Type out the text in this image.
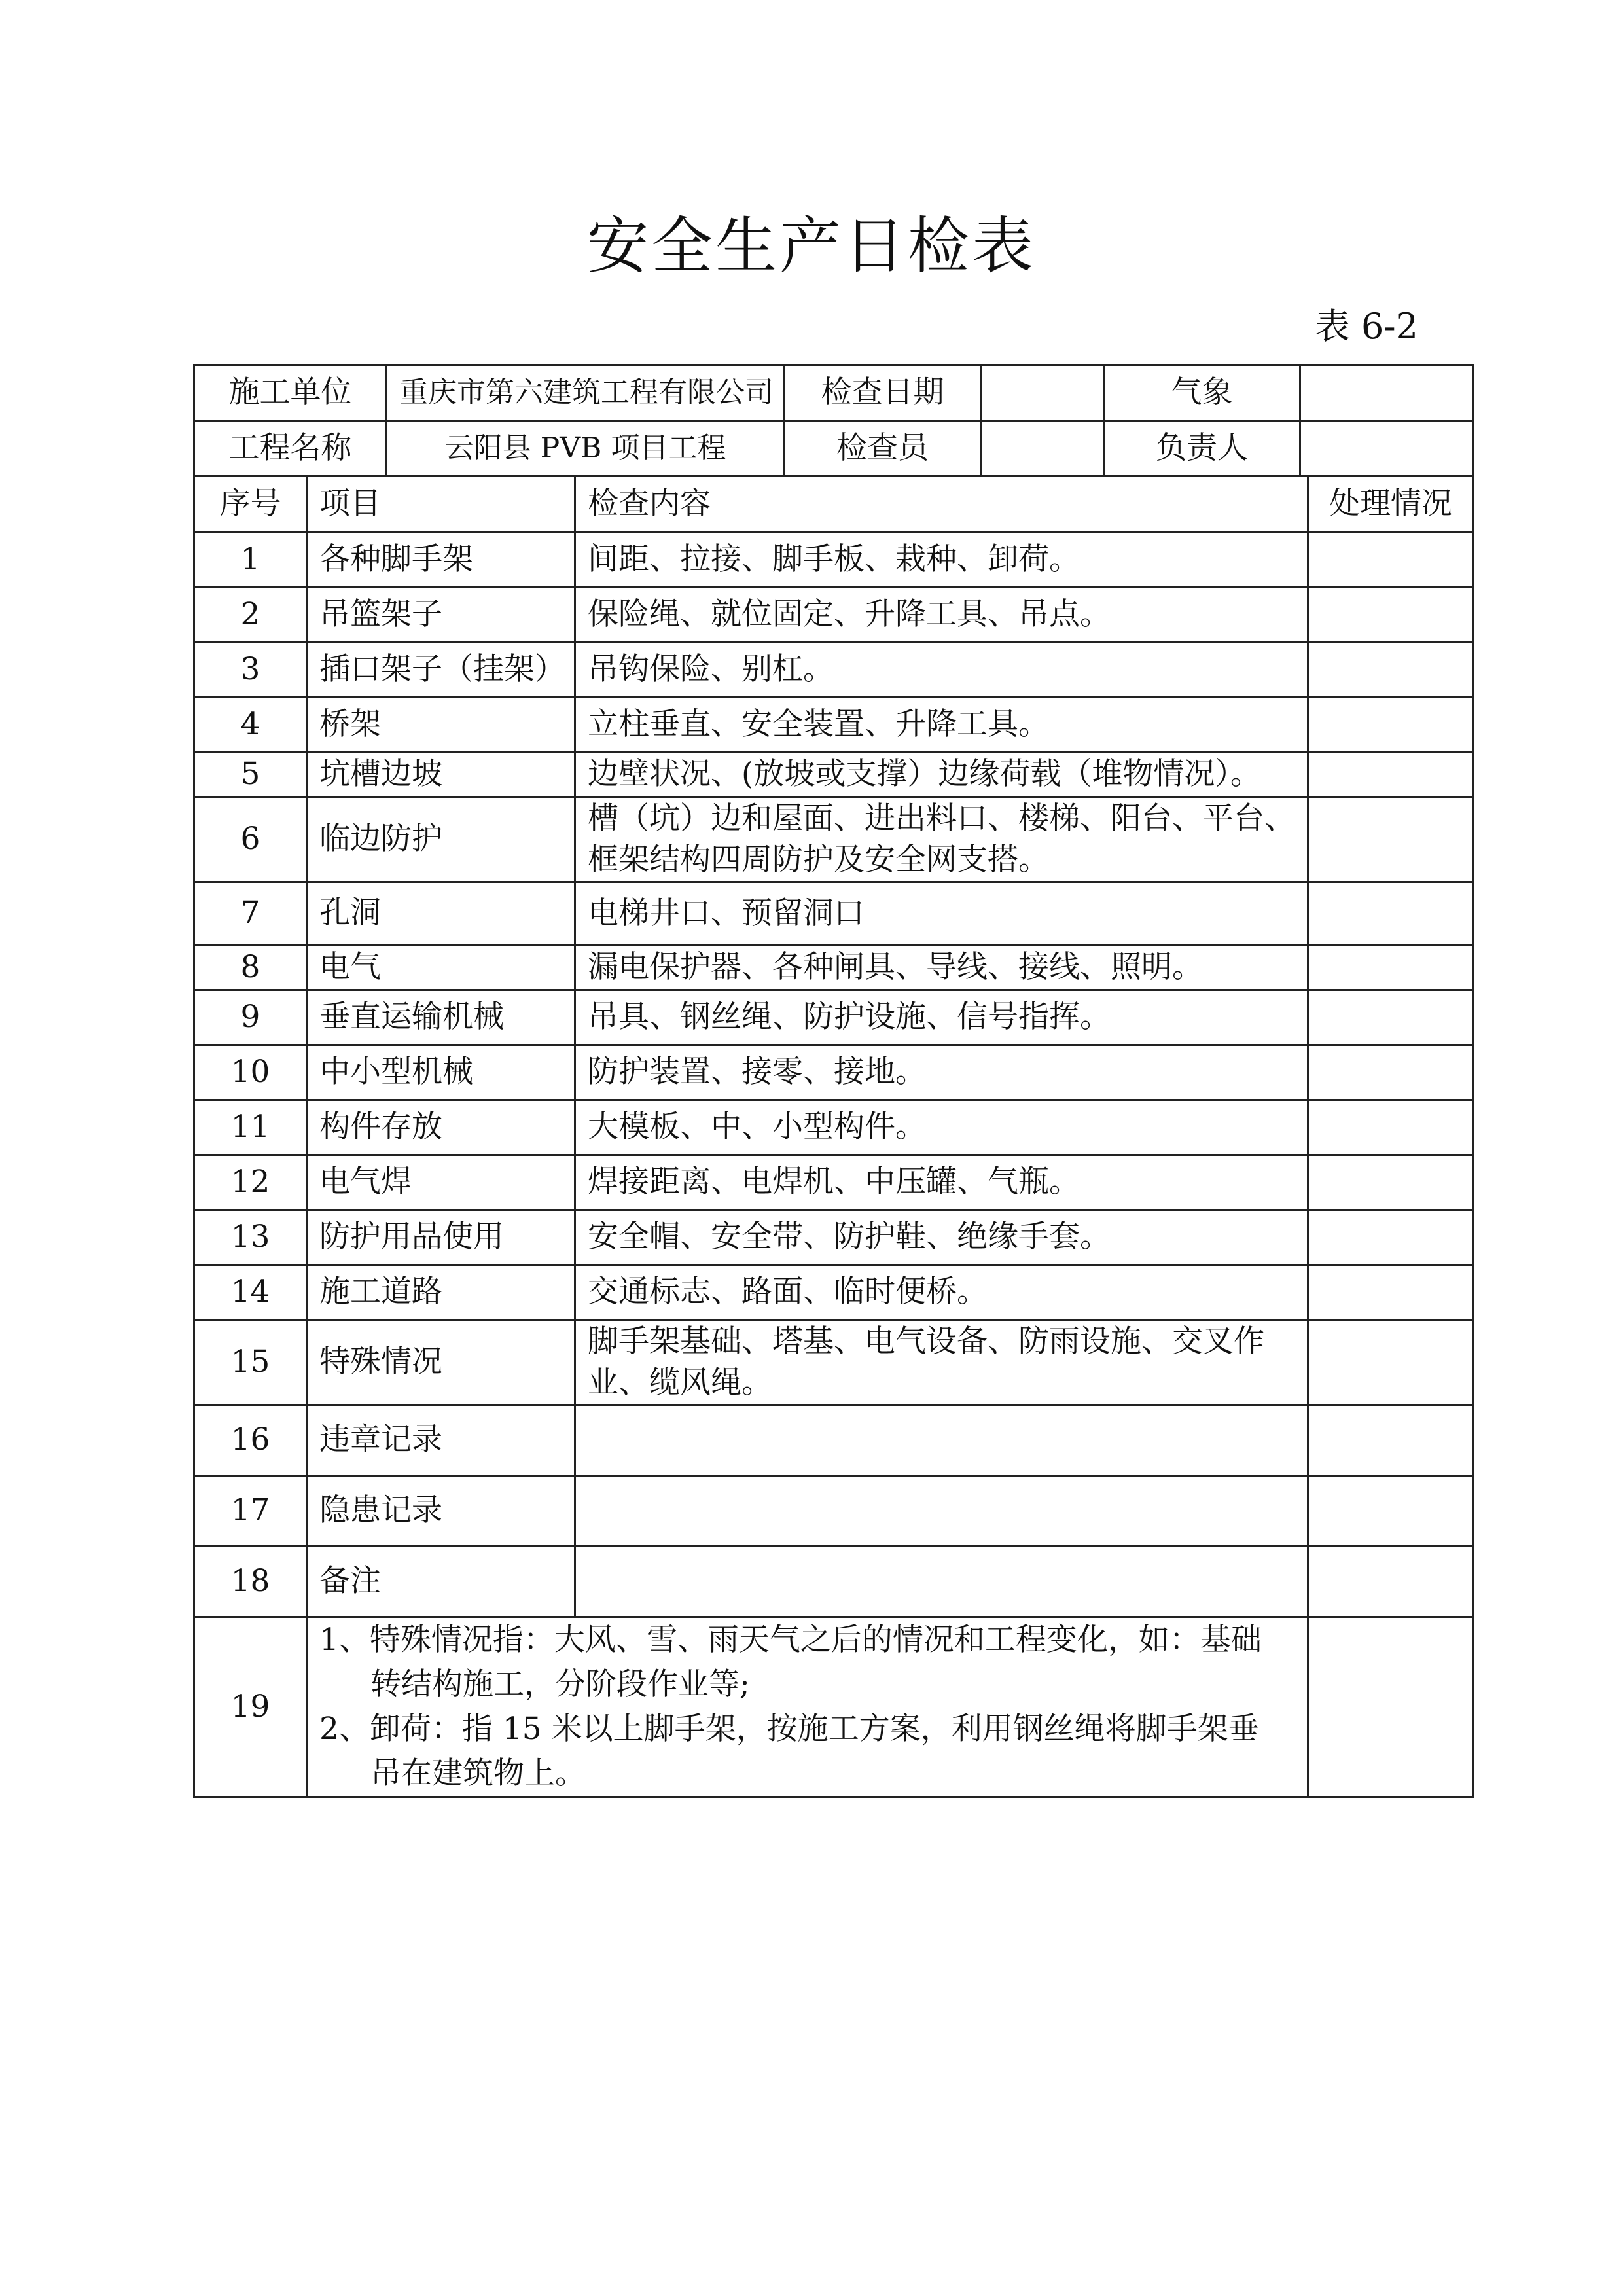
安全生产日检表
表 6-2
施工单位	重庆市第六建筑工程有限公司	检查日期		气象	
工程名称	云阳县 PVB 项目工程	检查员		负责人	
序号	项目	检查内容	处理情况
1	各种脚手架	间距、拉接、脚手板、栽种、卸荷。	
2	吊篮架子	保险绳、就位固定、升降工具、吊点。	
3	插口架子（挂架）	吊钩保险、别杠。	
4	桥架	立柱垂直、安全装置、升降工具。	
5	坑槽边坡	边壁状况、(放坡或支撑）边缘荷载（堆物情况）。	
6	临边防护	槽（坑）边和屋面、进出料口、楼梯、阳台、平台、框架结构四周防护及安全网支搭。	
7	孔洞	电梯井口、预留洞口	
8	电气	漏电保护器、各种闸具、导线、接线、照明。	
9	垂直运输机械	吊具、钢丝绳、防护设施、信号指挥。	
10	中小型机械	防护装置、接零、接地。	
11	构件存放	大模板、中、小型构件。	
12	电气焊	焊接距离、电焊机、中压罐、气瓶。	
13	防护用品使用	安全帽、安全带、防护鞋、绝缘手套。	
14	施工道路	交通标志、路面、临时便桥。	
15	特殊情况	脚手架基础、塔基、电气设备、防雨设施、交叉作业、缆风绳。	
16	违章记录		
17	隐患记录		
18	备注		
19	1、特殊情况指：大风、雪、雨天气之后的情况和工程变化，如：基础
转结构施工，分阶段作业等;
2、卸荷：指 15 米以上脚手架，按施工方案，利用钢丝绳将脚手架垂
吊在建筑物上。		
